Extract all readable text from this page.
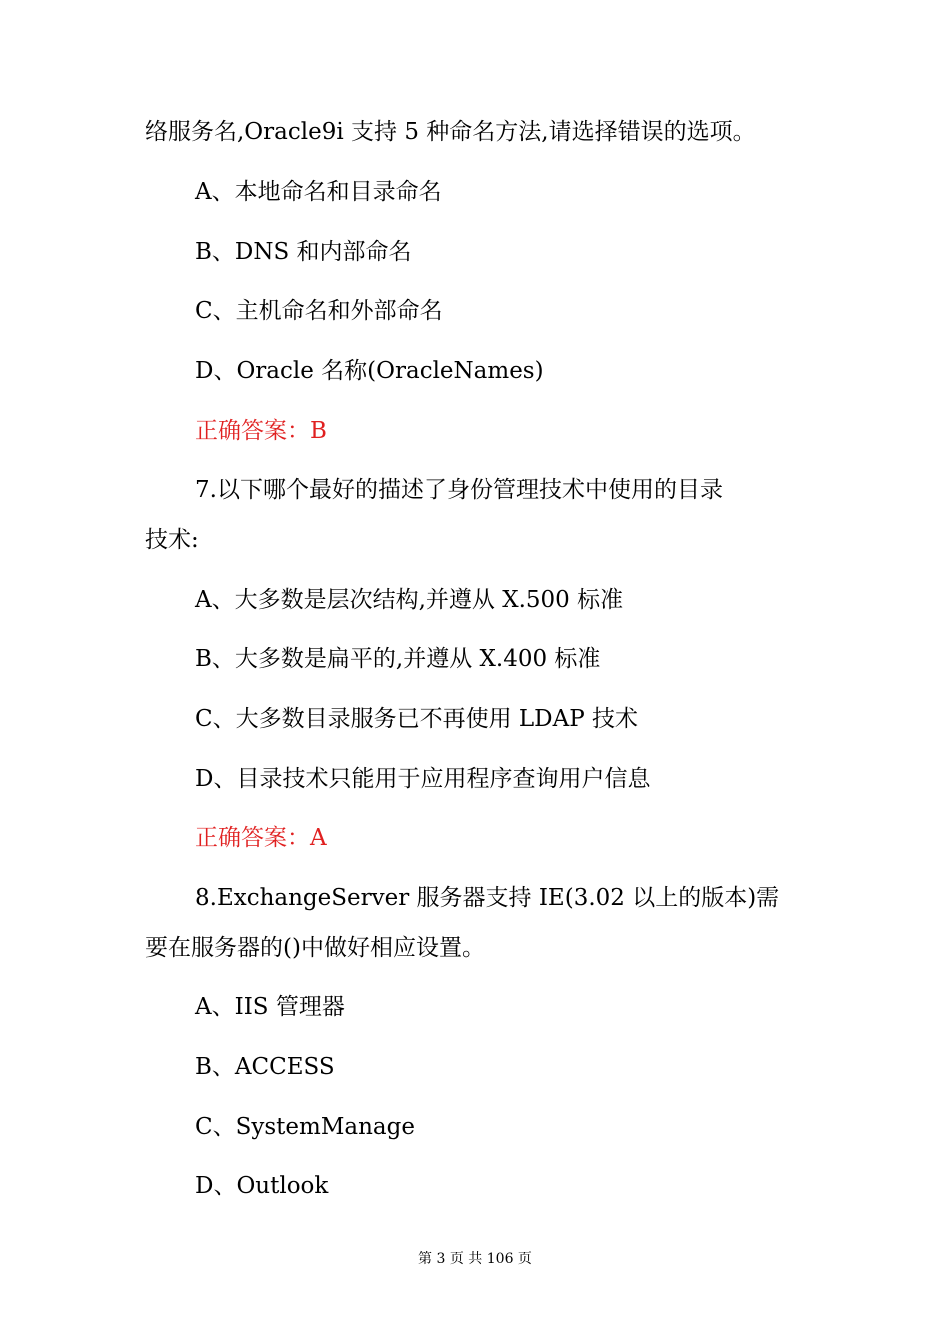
络服务名,Oracle9i 支持 5 种命名方法,请选择错误的选项。
A、本地命名和目录命名
B、DNS 和内部命名
C、主机命名和外部命名
D、Oracle 名称(OracleNames)
正确答案：B
7.以下哪个最好的描述了身份管理技术中使用的目录
技术:
A、大多数是层次结构,并遵从 X.500 标准
B、大多数是扁平的,并遵从 X.400 标准
C、大多数目录服务已不再使用 LDAP 技术
D、目录技术只能用于应用程序查询用户信息
正确答案：A
8.ExchangeServer 服务器支持 IE(3.02 以上的版本)需
要在服务器的()中做好相应设置。
A、IIS 管理器
B、ACCESS
C、SystemManage
D、Outlook
第 3 页 共 106 页
